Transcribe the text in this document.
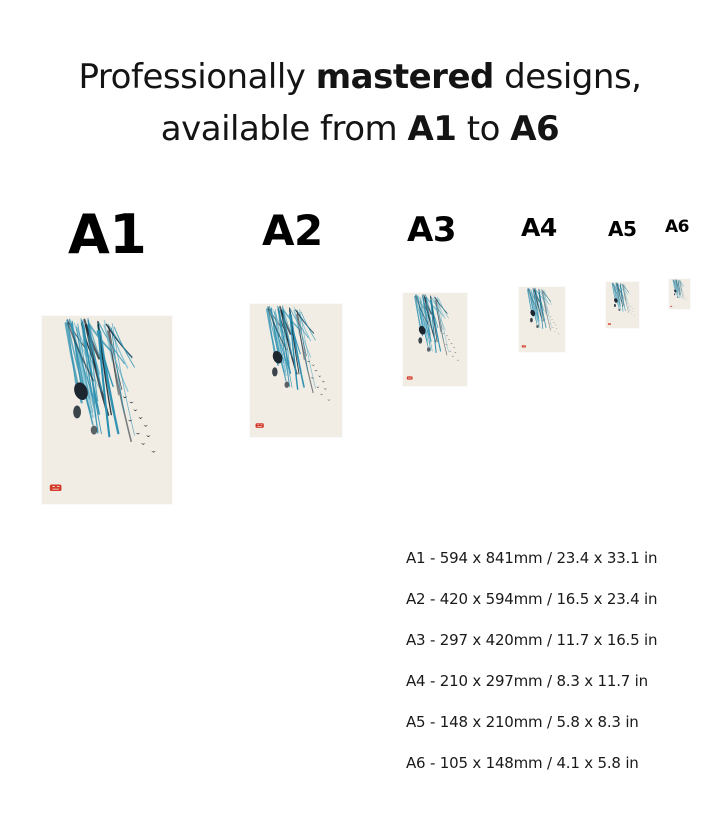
Professionally mastered designs,
available from A1 to A6
A1	A2 A3	A4	A5 A6
A1 - 594 x 841mm / 23.4 x 33.1 in
A2 - 420 x 594mm / 16.5 x 23.4 in
A3 - 297 x 420mm / 11.7 x 16.5 in
A4 - 210 x 297mm / 8.3 x 11.7 in
A5 - 148 x 210mm / 5.8 x 8.3 in
A6 - 105 x 148mm / 4.1 x 5.8 in
